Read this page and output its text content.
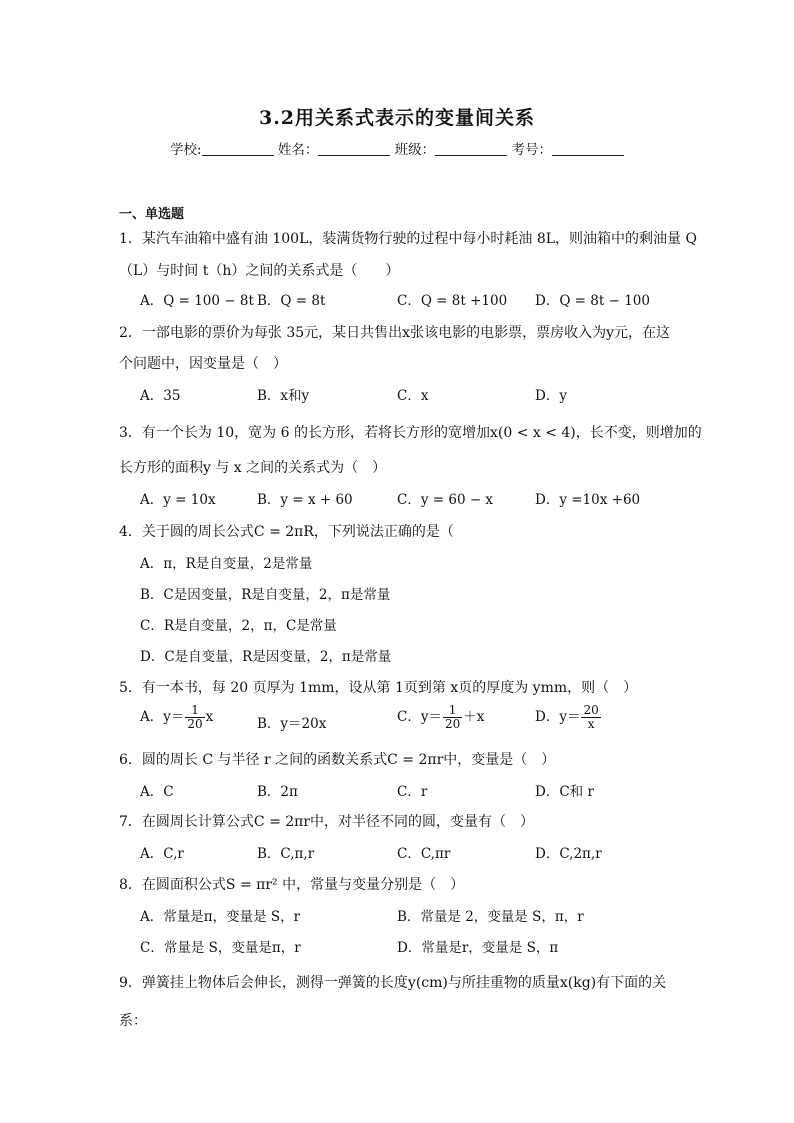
3.2用关系式表示的变量间关系
学校:	姓名：	班级：	考号：
一、单选题
1．某汽车油箱中盛有油 100L，装满货物行驶的过程中每小时耗油 8L，则油箱中的剩油量 Q
（L）与时间 t（h）之间的关系式是（　　）
A．Q = 100 − 8t B．Q = 8t	C．Q = 8t +100 D．Q = 8t − 100
2．一部电影的票价为每张 35元，某日共售出x张该电影的电影票，票房收入为y元，在这
个问题中，因变量是（　）
A．35	B．x和y	C．x	D．y
3．有一个长为 10，宽为 6 的长方形，若将长方形的宽增加x(0 < x < 4)，长不变，则增加的
长方形的面积y 与 x 之间的关系式为（　）
A．y = 10x	B．y = x + 60	C．y = 60 − x	D．y =10x +60
4．关于圆的周长公式C = 2πR，下列说法正确的是（
A．π，R是自变量，2是常量
B．C是因变量，R是自变量，2，π是常量
C．R是自变量，2，π，C是常量
D．C是自变量，R是因变量，2，π是常量
5．有一本书，每 20 页厚为 1mm，设从第 1页到第 x页的厚度为 ymm，则（　）
A．$y= \frac{1}{20}$ x	B．y＝20x	C．$y= \frac{1}{20} +x$	D．$y= \frac{20}{x}$
6．圆的周长 C 与半径 r 之间的函数关系式C = 2πr中，变量是（　）
A．C	B．2π	C．r	D．C和 r
7．在圆周长计算公式C = 2πr中，对半径不同的圆，变量有（　）
A．C,r	B．C,π,r	C．C,πr	D．C,2π,r
8．在圆面积公式S = πr² 中，常量与变量分别是（　）
A．常量是π，变量是 S，r	B．常量是 2，变量是 S，π，r
C．常量是 S，变量是π，r	D．常量是r，变量是 S，π
9．弹簧挂上物体后会伸长，测得一弹簧的长度y(cm)与所挂重物的质量x(kg)有下面的关
系：
